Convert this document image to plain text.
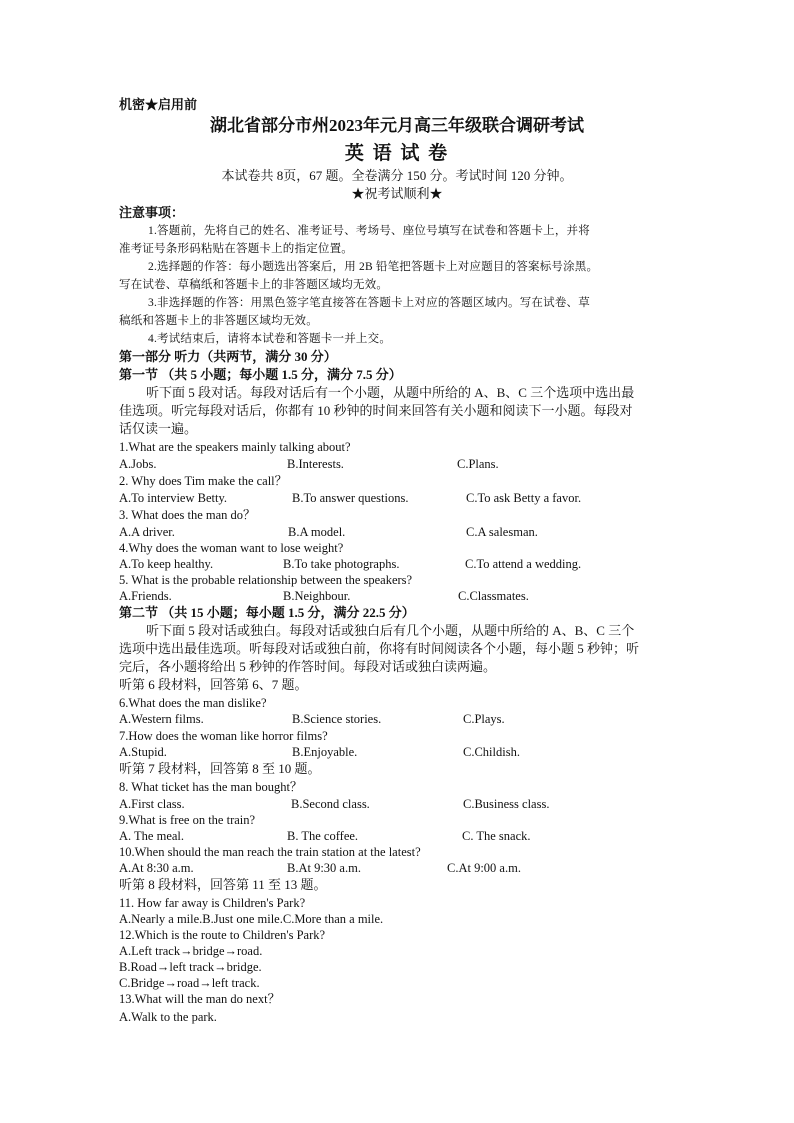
机密★启用前
湖北省部分市州2023年元月高三年级联合调研考试
英 语 试 卷
本试卷共 8页，67 题。全卷满分 150 分。考试时间 120 分钟。
★祝考试顺利★
注意事项：
1.答题前，先将自己的姓名、准考证号、考场号、座位号填写在试卷和答题卡上，并将
准考证号条形码粘贴在答题卡上的指定位置。
2.选择题的作答：每小题选出答案后，用 2B 铅笔把答题卡上对应题目的答案标号涂黑。
写在试卷、草稿纸和答题卡上的非答题区域均无效。
3.非选择题的作答：用黑色签字笔直接答在答题卡上对应的答题区域内。写在试卷、草
稿纸和答题卡上的非答题区域均无效。
4.考试结束后，请将本试卷和答题卡一并上交。
第一部分 听力（共两节，满分 30 分）
第一节 （共 5 小题；每小题 1.5 分，满分 7.5 分）
听下面 5 段对话。每段对话后有一个小题，从题中所给的 A、B、C 三个选项中选出最
佳选项。听完每段对话后，你都有 10 秒钟的时间来回答有关小题和阅读下一小题。每段对
话仅读一遍。
1.What are the speakers mainly talking about?
A.Jobs.	B.Interests.	C.Plans.
2. Why does Tim make the call？
A.To interview Betty.	B.To answer questions.	C.To ask Betty a favor.
3. What does the man do？
A.A driver.	B.A model.	C.A salesman.
4.Why does the woman want to lose weight?
A.To keep healthy.	B.To take photographs.	C.To attend a wedding.
5. What is the probable relationship between the speakers?
A.Friends.	B.Neighbour.	C.Classmates.
第二节 （共 15 小题；每小题 1.5 分，满分 22.5 分）
听下面 5 段对话或独白。每段对话或独白后有几个小题，从题中所给的 A、B、C 三个
选项中选出最佳选项。听每段对话或独白前，你将有时间阅读各个小题，每小题 5 秒钟；听
完后，各小题将给出 5 秒钟的作答时间。每段对话或独白读两遍。
听第 6 段材料，回答第 6、7 题。
6.What does the man dislike?
A.Western films.	B.Science stories.	C.Plays.
7.How does the woman like horror films?
A.Stupid.	B.Enjoyable.	C.Childish.
听第 7 段材料，回答第 8 至 10 题。
8. What ticket has the man bought？
A.First class.	B.Second class.	C.Business class.
9.What is free on the train?
A. The meal.	B. The coffee.	C. The snack.
10.When should the man reach the train station at the latest?
A.At 8:30 a.m.	B.At 9:30 a.m.	C.At 9:00 a.m.
听第 8 段材料，回答第 11 至 13 题。
11. How far away is Children's Park?
A.Nearly a mile.B.Just one mile.C.More than a mile.
12.Which is the route to Children's Park?
A.Left track→bridge→road.
B.Road→left track→bridge.
C.Bridge→road→left track.
13.What will the man do next？
A.Walk to the park.
